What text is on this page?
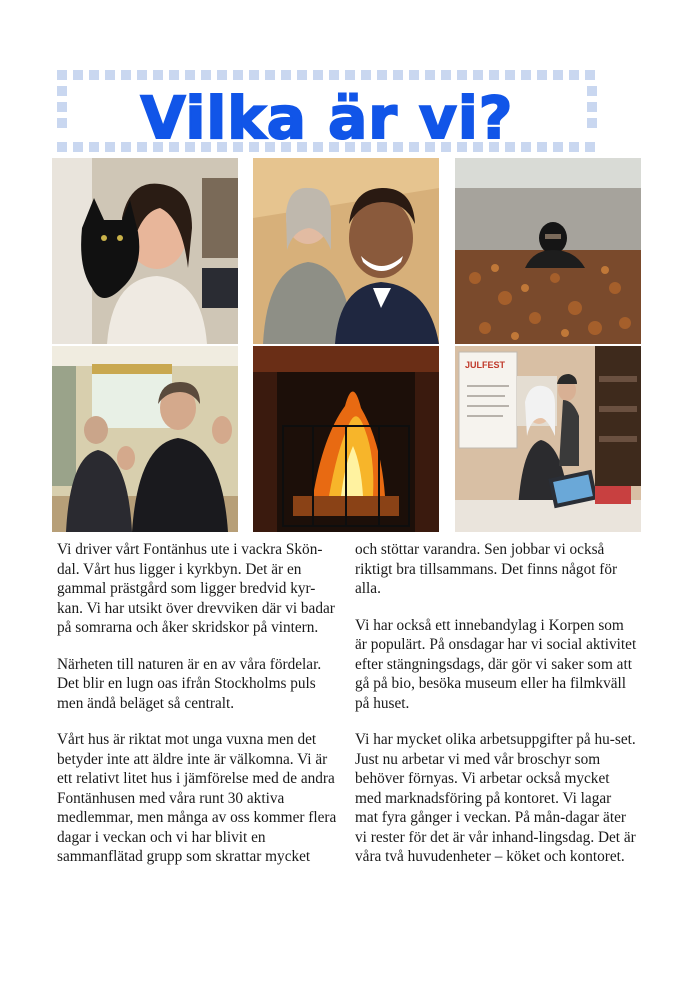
Vilka är vi?
JULFEST

Vi driver vårt Fontänhus ute i vackra Skön-dal. Vårt hus ligger i kyrkbyn. Det är en gammal prästgård som ligger bredvid kyr-kan. Vi har utsikt över drevviken där vi badar på somrarna och åker skridskor på vintern.

Närheten till naturen är en av våra fördelar. Det blir en lugn oas ifrån Stockholms puls men ändå beläget så centralt.

Vårt hus är riktat mot unga vuxna men det betyder inte att äldre inte är välkomna. Vi är ett relativt litet hus i jämförelse med de andra Fontänhusen med våra runt 30 aktiva medlemmar, men många av oss kommer flera dagar i veckan och vi har blivit en sammanflätad grupp som skrattar mycket

och stöttar varandra. Sen jobbar vi också riktigt bra tillsammans. Det finns något för alla.

Vi har också ett innebandylag i Korpen som är populärt. På onsdagar har vi social aktivitet efter stängningsdags, där gör vi saker som att gå på bio, besöka museum eller ha filmkväll på huset.

Vi har mycket olika arbetsuppgifter på hu-set. Just nu arbetar vi med vår broschyr som behöver förnyas. Vi arbetar också mycket med marknadsföring på kontoret. Vi lagar mat fyra gånger i veckan. På mån-dagar äter vi rester för det är vår inhand-lingsdag. Det är våra två huvudenheter – köket och kontoret.
